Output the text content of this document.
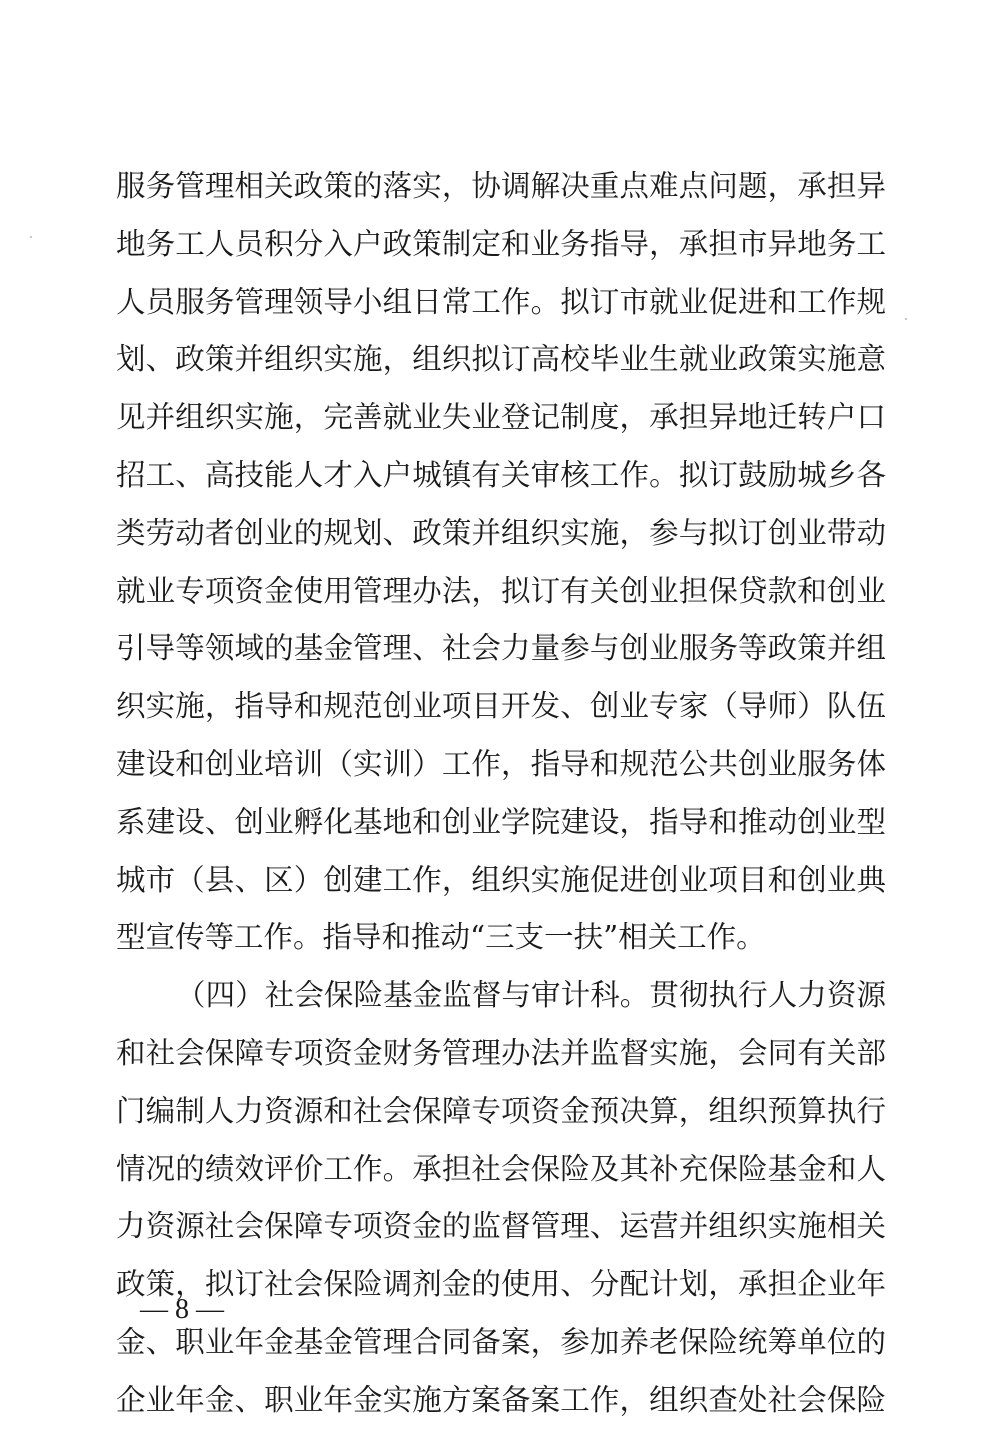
服务管理相关政策的落实，协调解决重点难点问题，承担异
地务工人员积分入户政策制定和业务指导，承担市异地务工
人员服务管理领导小组日常工作。拟订市就业促进和工作规
划、政策并组织实施，组织拟订高校毕业生就业政策实施意
见并组织实施，完善就业失业登记制度，承担异地迁转户口
招工、高技能人才入户城镇有关审核工作。拟订鼓励城乡各
类劳动者创业的规划、政策并组织实施，参与拟订创业带动
就业专项资金使用管理办法，拟订有关创业担保贷款和创业
引导等领域的基金管理、社会力量参与创业服务等政策并组
织实施，指导和规范创业项目开发、创业专家（导师）队伍
建设和创业培训（实训）工作，指导和规范公共创业服务体
系建设、创业孵化基地和创业学院建设，指导和推动创业型
城市（县、区）创建工作，组织实施促进创业项目和创业典
型宣传等工作。指导和推动“三支一扶”相关工作。
（四）社会保险基金监督与审计科。贯彻执行人力资源
和社会保障专项资金财务管理办法并监督实施，会同有关部
门编制人力资源和社会保障专项资金预决算，组织预算执行
情况的绩效评价工作。承担社会保险及其补充保险基金和人
力资源社会保障专项资金的监督管理、运营并组织实施相关
政策，拟订社会保险调剂金的使用、分配计划，承担企业年
金、职业年金基金管理合同备案，参加养老保险统筹单位的
企业年金、职业年金实施方案备案工作，组织查处社会保险
— 8 —
